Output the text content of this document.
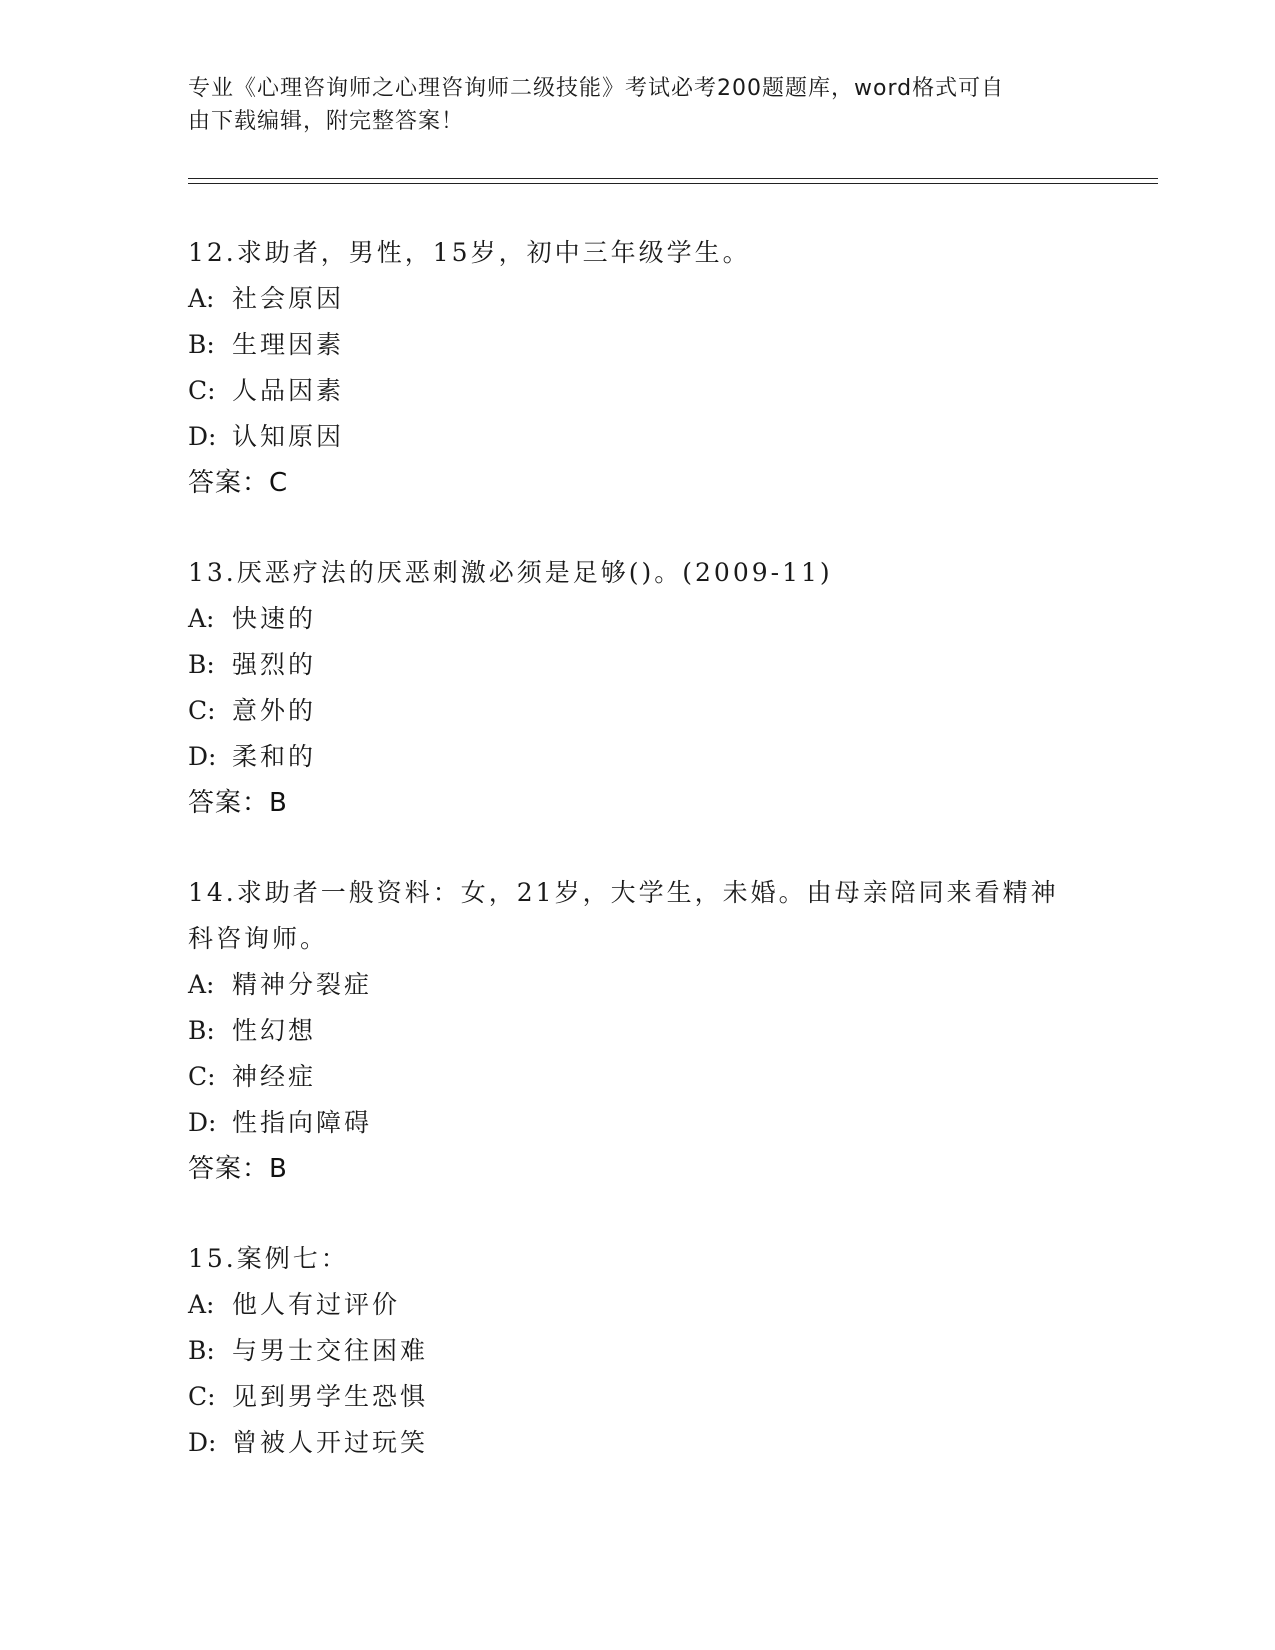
专业《心理咨询师之心理咨询师二级技能》考试必考200题题库，word格式可自
由下载编辑，附完整答案！
12.求助者，男性，15岁，初中三年级学生。
A: 社会原因
B: 生理因素
C: 人品因素
D: 认知原因
答案：C
13.厌恶疗法的厌恶刺激必须是足够()。(2009-11)
A: 快速的
B: 强烈的
C: 意外的
D: 柔和的
答案：B
14.求助者一般资料：女，21岁，大学生，未婚。由母亲陪同来看精神
科咨询师。
A: 精神分裂症
B: 性幻想
C: 神经症
D: 性指向障碍
答案：B
15.案例七：
A: 他人有过评价
B: 与男士交往困难
C: 见到男学生恐惧
D: 曾被人开过玩笑
